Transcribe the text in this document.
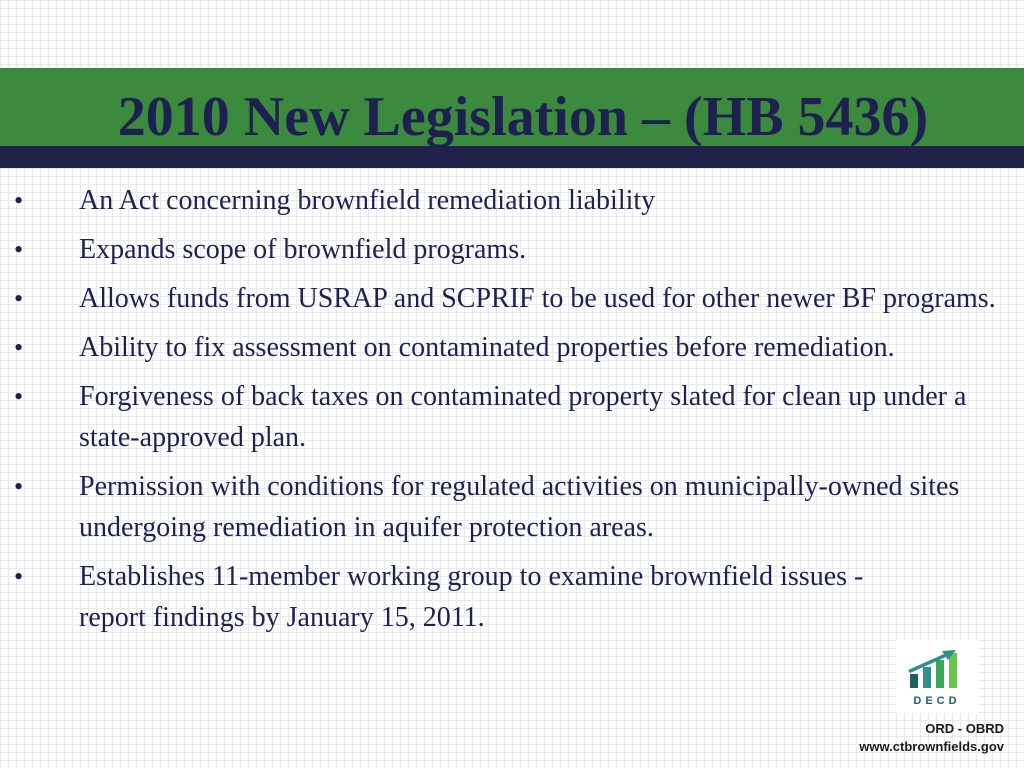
2010 New Legislation – (HB 5436)
• An Act concerning brownfield remediation liability
• Expands scope of brownfield programs.
• Allows funds from USRAP and SCPRIF to be used for other newer BF programs.
• Ability to fix assessment on contaminated properties before remediation.
• Forgiveness of back taxes on contaminated property slated for clean up under a state-approved plan.
• Permission with conditions for regulated activities on municipally-owned sites undergoing remediation in aquifer protection areas.
• Establishes 11-member working group to examine brownfield issues - report findings by January 15, 2011.
DECD
ORD - OBRD
www.ctbrownfields.gov
